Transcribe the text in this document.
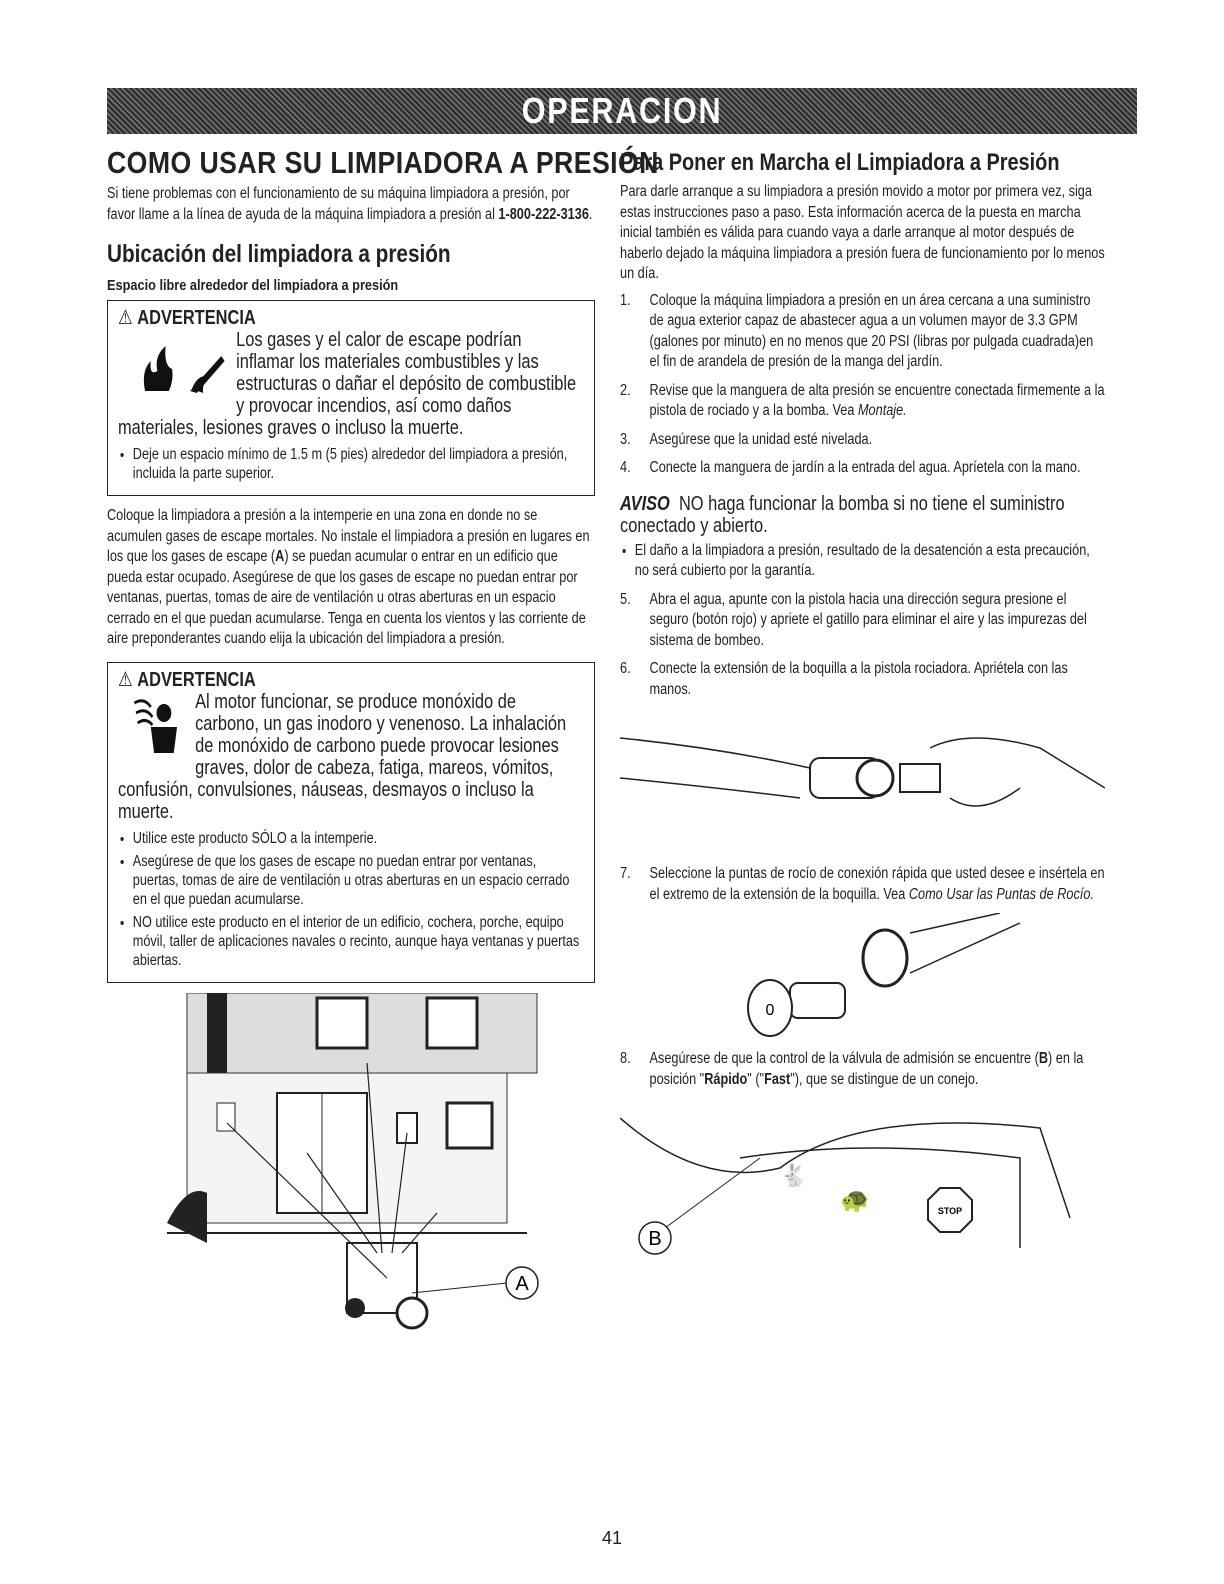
OPERACION
COMO USAR SU LIMPIADORA A PRESIÓN

Si tiene problemas con el funcionamiento de su máquina limpiadora a presión, por favor llame a la línea de ayuda de la máquina limpiadora a presión al 1-800-222-3136.

Ubicación del limpiadora a presión
Espacio libre alrededor del limpiadora a presión
⚠ ADVERTENCIA
Los gases y el calor de escape podrían inflamar los materiales combustibles y las estructuras o dañar el depósito de combustible y provocar incendios, así como daños materiales, lesiones graves o incluso la muerte.
• Deje un espacio mínimo de 1.5 m (5 pies) alrededor del limpiadora a presión, incluida la parte superior.

Coloque la limpiadora a presión a la intemperie en una zona en donde no se acumulen gases de escape mortales. No instale el limpiadora a presión en lugares en los que los gases de escape (A) se puedan acumular o entrar en un edificio que pueda estar ocupado. Asegúrese de que los gases de escape no puedan entrar por ventanas, puertas, tomas de aire de ventilación u otras aberturas en un espacio cerrado en el que puedan acumularse. Tenga en cuenta los vientos y las corriente de aire preponderantes cuando elija la ubicación del limpiadora a presión.

⚠ ADVERTENCIA
Al motor funcionar, se produce monóxido de carbono, un gas inodoro y venenoso. La inhalación de monóxido de carbono puede provocar lesiones graves, dolor de cabeza, fatiga, mareos, vómitos, confusión, convulsiones, náuseas, desmayos o incluso la muerte.
• Utilice este producto SÓLO a la intemperie.
• Asegúrese de que los gases de escape no puedan entrar por ventanas, puertas, tomas de aire de ventilación u otras aberturas en un espacio cerrado en el que puedan acumularse.
• NO utilice este producto en el interior de un edificio, cochera, porche, equipo móvil, taller de aplicaciones navales o recinto, aunque haya ventanas y puertas abiertas.
A
Para Poner en Marcha el Limpiadora a Presión

Para darle arranque a su limpiadora a presión movido a motor por primera vez, siga estas instrucciones paso a paso. Esta información acerca de la puesta en marcha inicial también es válida para cuando vaya a darle arranque al motor después de haberlo dejado la máquina limpiadora a presión fuera de funcionamiento por lo menos un día.

1. Coloque la máquina limpiadora a presión en un área cercana a una suministro de agua exterior capaz de abastecer agua a un volumen mayor de 3.3 GPM (galones por minuto) en no menos que 20 PSI (libras por pulgada cuadrada)en el fin de arandela de presión de la manga del jardín.
2. Revise que la manguera de alta presión se encuentre conectada firmemente a la pistola de rociado y a la bomba. Vea Montaje.
3. Asegúrese que la unidad esté nivelada.
4. Conecte la manguera de jardín a la entrada del agua. Apríetela con la mano.
AVISO NO haga funcionar la bomba si no tiene el suministro conectado y abierto.
• El daño a la limpiadora a presión, resultado de la desatención a esta precaución, no será cubierto por la garantía.
5. Abra el agua, apunte con la pistola hacia una dirección segura presione el seguro (botón rojo) y apriete el gatillo para eliminar el aire y las impurezas del sistema de bombeo.
6. Conecte la extensión de la boquilla a la pistola rociadora. Apriétela con las manos.
7. Seleccione la puntas de rocío de conexión rápida que usted desee e insértela en el extremo de la extensión de la boquilla. Vea Como Usar las Puntas de Rocío.
0
8. Asegúrese de que la control de la válvula de admisión se encuentre (B) en la posición "Rápido" ("Fast"), que se distingue de un conejo.
🐇
🐢	STOP
B
41
